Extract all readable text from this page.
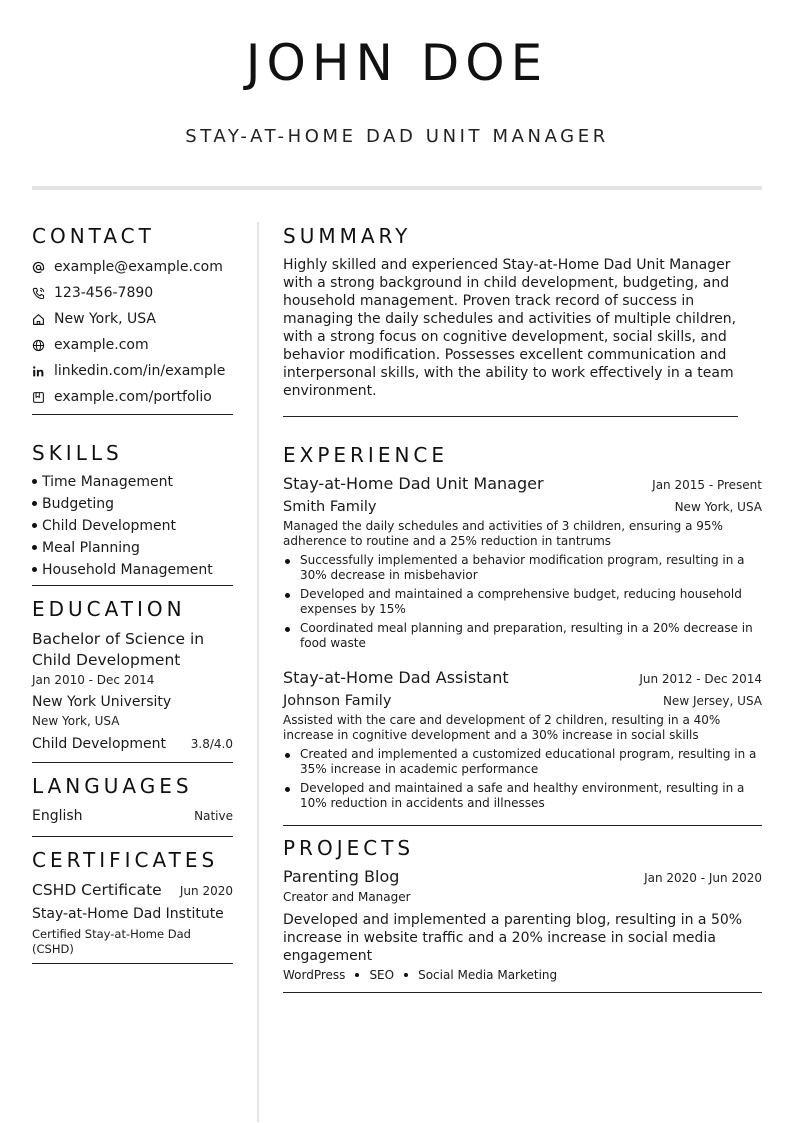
JOHN DOE
STAY-AT-HOME DAD UNIT MANAGER
CONTACT
example@example.com
123-456-7890
New York, USA
example.com
linkedin.com/in/example
example.com/portfolio
SKILLS
Time Management
Budgeting
Child Development
Meal Planning
Household Management
EDUCATION
Bachelor of Science in Child Development
Jan 2010 - Dec 2014
New York University
New York, USA
Child Development 3.8/4.0
LANGUAGES
English	Native
CERTIFICATES
CSHD Certificate Jun 2020
Stay-at-Home Dad Institute
Certified Stay-at-Home Dad (CSHD)
SUMMARY
Highly skilled and experienced Stay-at-Home Dad Unit Manager with a strong background in child development, budgeting, and household management. Proven track record of success in managing the daily schedules and activities of multiple children, with a strong focus on cognitive development, social skills, and behavior modification. Possesses excellent communication and interpersonal skills, with the ability to work effectively in a team environment.
EXPERIENCE
Stay-at-Home Dad Unit Manager	Jan 2015 - Present
Smith Family	New York, USA
Managed the daily schedules and activities of 3 children, ensuring a 95% adherence to routine and a 25% reduction in tantrums
Successfully implemented a behavior modification program, resulting in a 30% decrease in misbehavior
Developed and maintained a comprehensive budget, reducing household expenses by 15%
Coordinated meal planning and preparation, resulting in a 20% decrease in food waste
Stay-at-Home Dad Assistant	Jun 2012 - Dec 2014
Johnson Family	New Jersey, USA
Assisted with the care and development of 2 children, resulting in a 40% increase in cognitive development and a 30% increase in social skills
Created and implemented a customized educational program, resulting in a 35% increase in academic performance
Developed and maintained a safe and healthy environment, resulting in a 10% reduction in accidents and illnesses
PROJECTS
Parenting Blog	Jan 2020 - Jun 2020
Creator and Manager
Developed and implemented a parenting blog, resulting in a 50% increase in website traffic and a 20% increase in social media engagement
WordPress SEO Social Media Marketing
